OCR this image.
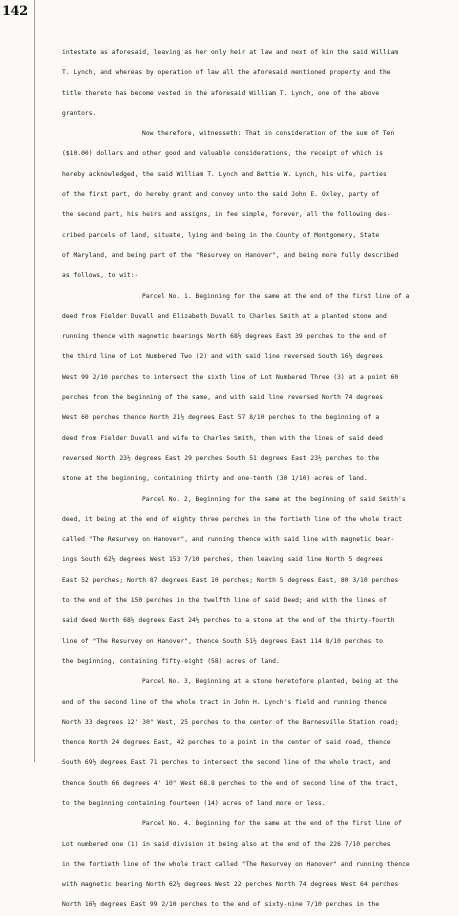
142
intestate as aforesaid, leaving as her only heir at law and next of kin the said William
T. Lynch, and whereas by operation of law all the aforesaid mentioned property and the
title thereto has become vested in the aforesaid William T. Lynch, one of the above
grantors.
Now therefore, witnesseth: That in consideration of the sum of Ten
($10.00) dollars and other good and valuable considerations, the receipt of which is
hereby acknowledged, the said William T. Lynch and Bettie W. Lynch, his wife, parties
of the first part, do hereby grant and convey unto the said John E. Oxley, party of
the second part, his heirs and assigns, in fee simple, forever, all the following des-
cribed parcels of land, situate, lying and being in the County of Montgomery, State
of Maryland, and being part of the "Resurvey on Hanover", and being more fully described
as follows, to wit:-
Parcel No. 1. Beginning for the same at the end of the first line of a
deed from Fielder Duvall and Elizabeth Duvall to Charles Smith at a planted stone and
running thence with magnetic bearings North 68½ degrees East 39 perches to the end of
the third line of Lot Numbered Two (2) and with said line reversed South 16½ degrees
West 99 2/10 perches to intersect the sixth line of Lot Numbered Three (3) at a point 60
perches from the beginning of the same, and with said line reversed North 74 degrees
West 60 perches thence North 21½ degrees East 57 8/10 perches to the beginning of a
deed from Fielder Duvall and wife to Charles Smith, then with the lines of said deed
reversed North 23½ degrees East 29 perches South 51 degrees East 23½ perches to the
stone at the beginning, containing thirty and one-tenth (30 1/10) acres of land.
Parcel No. 2, Beginning for the same at the beginning of said Smith's
deed, it being at the end of eighty three perches in the fortieth line of the whole tract
called "The Resurvey on Hanover", and running thence with said line with magnetic bear-
ings South 62½ degrees West 153 7/10 perches, then leaving said line North 5 degrees
East 52 perches; North 87 degrees East 10 perches; North 5 degrees East, 80 3/10 perches
to the end of the 150 perches in the twelfth line of said Deed; and with the lines of
said deed North 68½ degrees East 24½ perches to a stone at the end of the thirty-fourth
line of "The Resurvey on Hanover", thence South 51½ degrees East 114 8/10 perches to
the beginning, containing fifty-eight (58) acres of land.
Parcel No. 3, Beginning at a stone heretofore planted, being at the
end of the second line of the whole tract in John H. Lynch's field and running thence
North 33 degrees 12' 30" West, 25 perches to the center of the Barnesville Station road;
thence North 24 degrees East, 42 perches to a point in the center of said road, thence
South 69½ degrees East 71 perches to intersect the second line of the whole tract, and
thence South 66 degrees 4' 10" West 68.8 perches to the end of second line of the tract,
to the beginning containing fourteen (14) acres of land more or less.
Parcel No. 4. Beginning for the same at the end of the first line of
Lot numbered one (1) in said division it being also at the end of the 226 7/10 perches
in the fortieth line of the whole tract called "The Resurvey on Hanover" and running thence
with magnetic bearing North 62½ degrees West 22 perches North 74 degrees West 64 perches
North 16½ degrees East 99 2/10 perches to the end of sixty-nine 7/10 perches in the
